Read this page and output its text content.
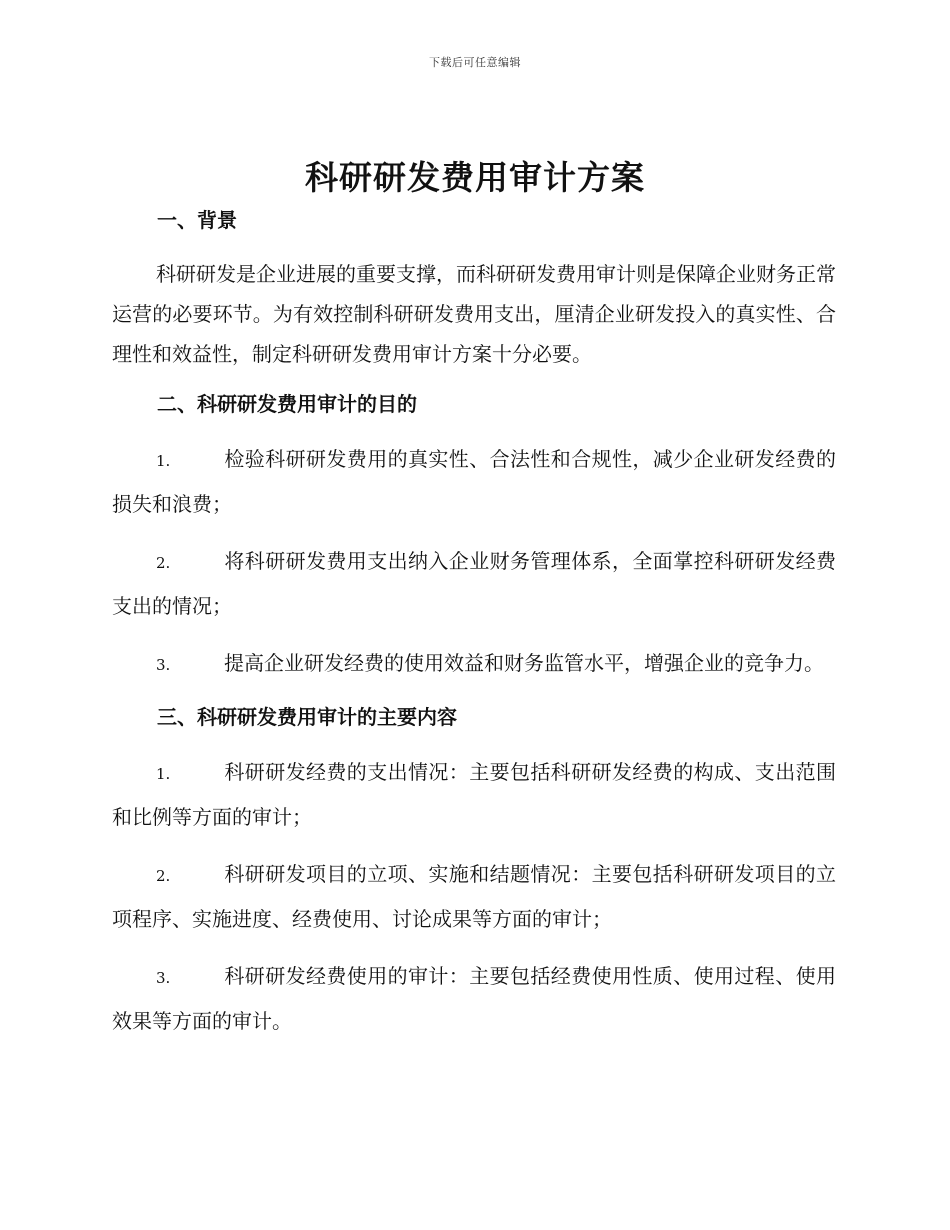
下载后可任意编辑
科研研发费用审计方案

一、背景

科研研发是企业进展的重要支撑，而科研研发费用审计则是保障企业财务正常运营的必要环节。为有效控制科研研发费用支出，厘清企业研发投入的真实性、合理性和效益性，制定科研研发费用审计方案十分必要。

二、科研研发费用审计的目的

1.	检验科研研发费用的真实性、合法性和合规性，减少企业研发经费的损失和浪费；

2.	将科研研发费用支出纳入企业财务管理体系，全面掌控科研研发经费支出的情况；

3.	提高企业研发经费的使用效益和财务监管水平，增强企业的竞争力。

三、科研研发费用审计的主要内容

1.	科研研发经费的支出情况：主要包括科研研发经费的构成、支出范围和比例等方面的审计；

2.	科研研发项目的立项、实施和结题情况：主要包括科研研发项目的立项程序、实施进度、经费使用、讨论成果等方面的审计；

3.	科研研发经费使用的审计：主要包括经费使用性质、使用过程、使用效果等方面的审计。
